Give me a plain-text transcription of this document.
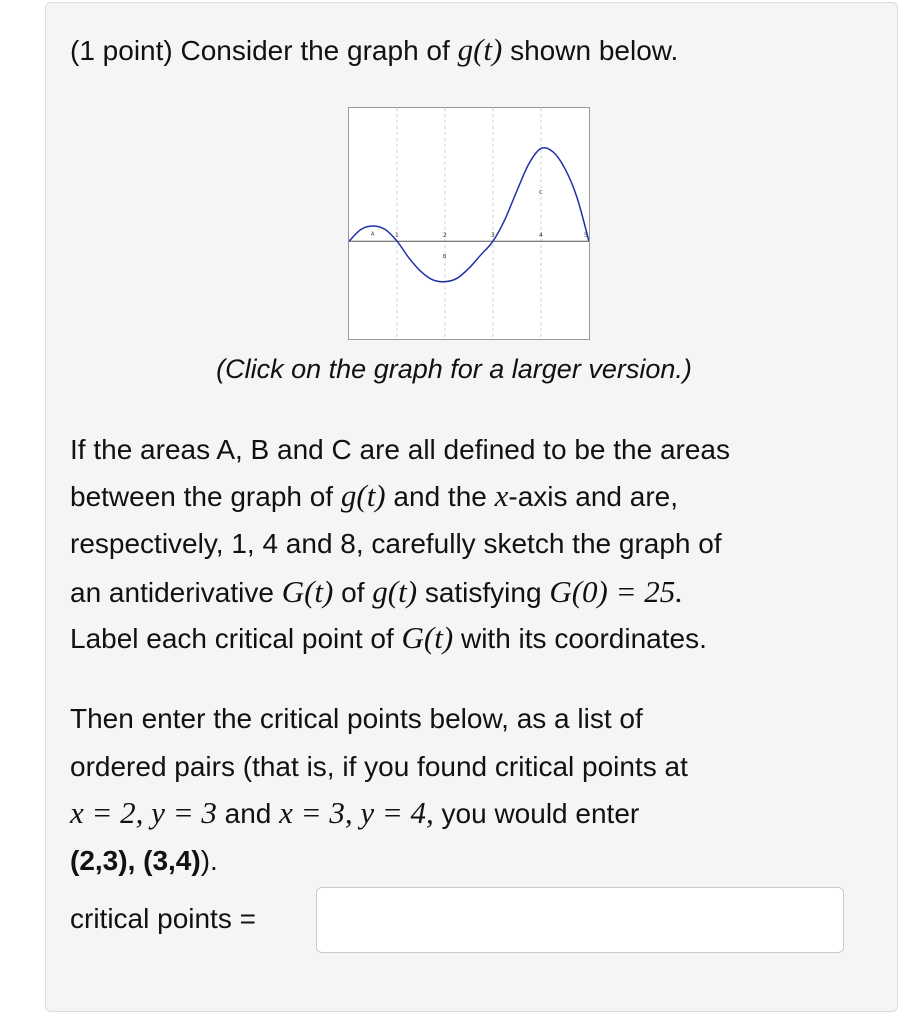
(1 point) Consider the graph of g(t) shown below.
1	2	3	4	5
A
B
C
(Click on the graph for a larger version.)
If the areas A, B and C are all defined to be the areas
between the graph of g(t) and the x-axis and are,
respectively, 1, 4 and 8, carefully sketch the graph of
an antiderivative G(t) of g(t) satisfying G(0) = 25.
Label each critical point of G(t) with its coordinates.
Then enter the critical points below, as a list of
ordered pairs (that is, if you found critical points at
x = 2, y = 3 and x = 3, y = 4, you would enter
(2,3), (3,4)).
critical points =
